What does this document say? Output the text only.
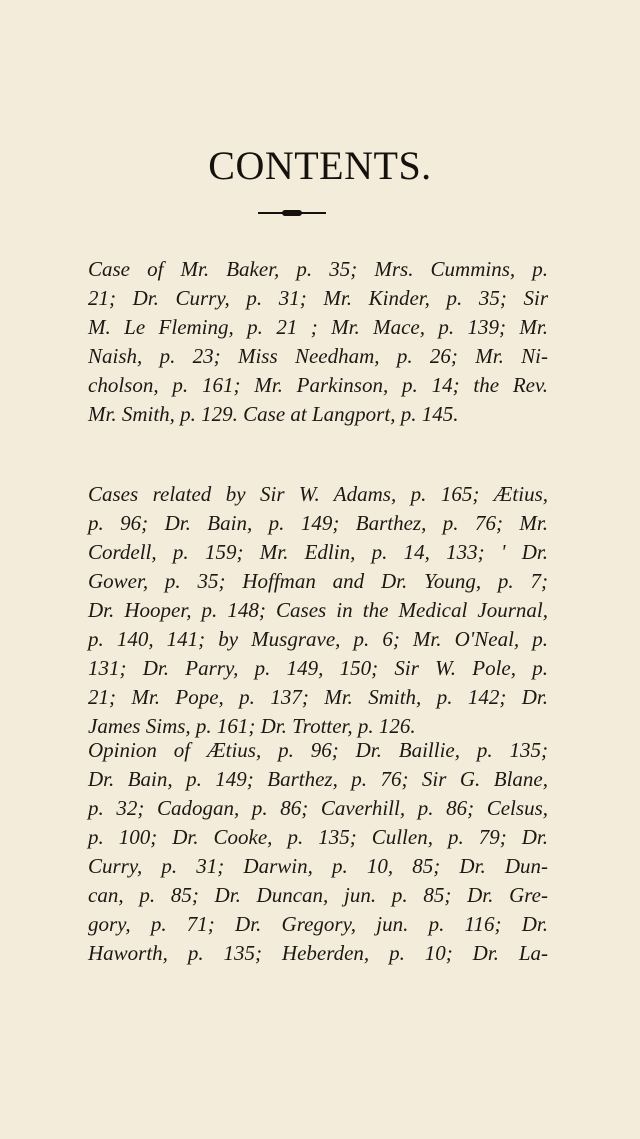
CONTENTS.
Case of Mr. Baker, p. 35; Mrs. Cummins, p.
21; Dr. Curry, p. 31; Mr. Kinder, p. 35; Sir
M. Le Fleming, p. 21 ; Mr. Mace, p. 139; Mr.
Naish, p. 23; Miss Needham, p. 26; Mr. Ni-
cholson, p. 161; Mr. Parkinson, p. 14; the Rev.
Mr. Smith, p. 129. Case at Langport, p. 145.
Cases related by Sir W. Adams, p. 165; Ætius,
p. 96; Dr. Bain, p. 149; Barthez, p. 76; Mr.
Cordell, p. 159; Mr. Edlin, p. 14, 133; ' Dr.
Gower, p. 35; Hoffman and Dr. Young, p. 7;
Dr. Hooper, p. 148; Cases in the Medical Journal,
p. 140, 141; by Musgrave, p. 6; Mr. O'Neal, p.
131; Dr. Parry, p. 149, 150; Sir W. Pole, p.
21; Mr. Pope, p. 137; Mr. Smith, p. 142; Dr.
James Sims, p. 161; Dr. Trotter, p. 126.
Opinion of Ætius, p. 96; Dr. Baillie, p. 135;
Dr. Bain, p. 149; Barthez, p. 76; Sir G. Blane,
p. 32; Cadogan, p. 86; Caverhill, p. 86; Celsus,
p. 100; Dr. Cooke, p. 135; Cullen, p. 79; Dr.
Curry, p. 31; Darwin, p. 10, 85; Dr. Dun-
can, p. 85; Dr. Duncan, jun. p. 85; Dr. Gre-
gory, p. 71; Dr. Gregory, jun. p. 116; Dr.
Haworth, p. 135; Heberden, p. 10; Dr. La-
